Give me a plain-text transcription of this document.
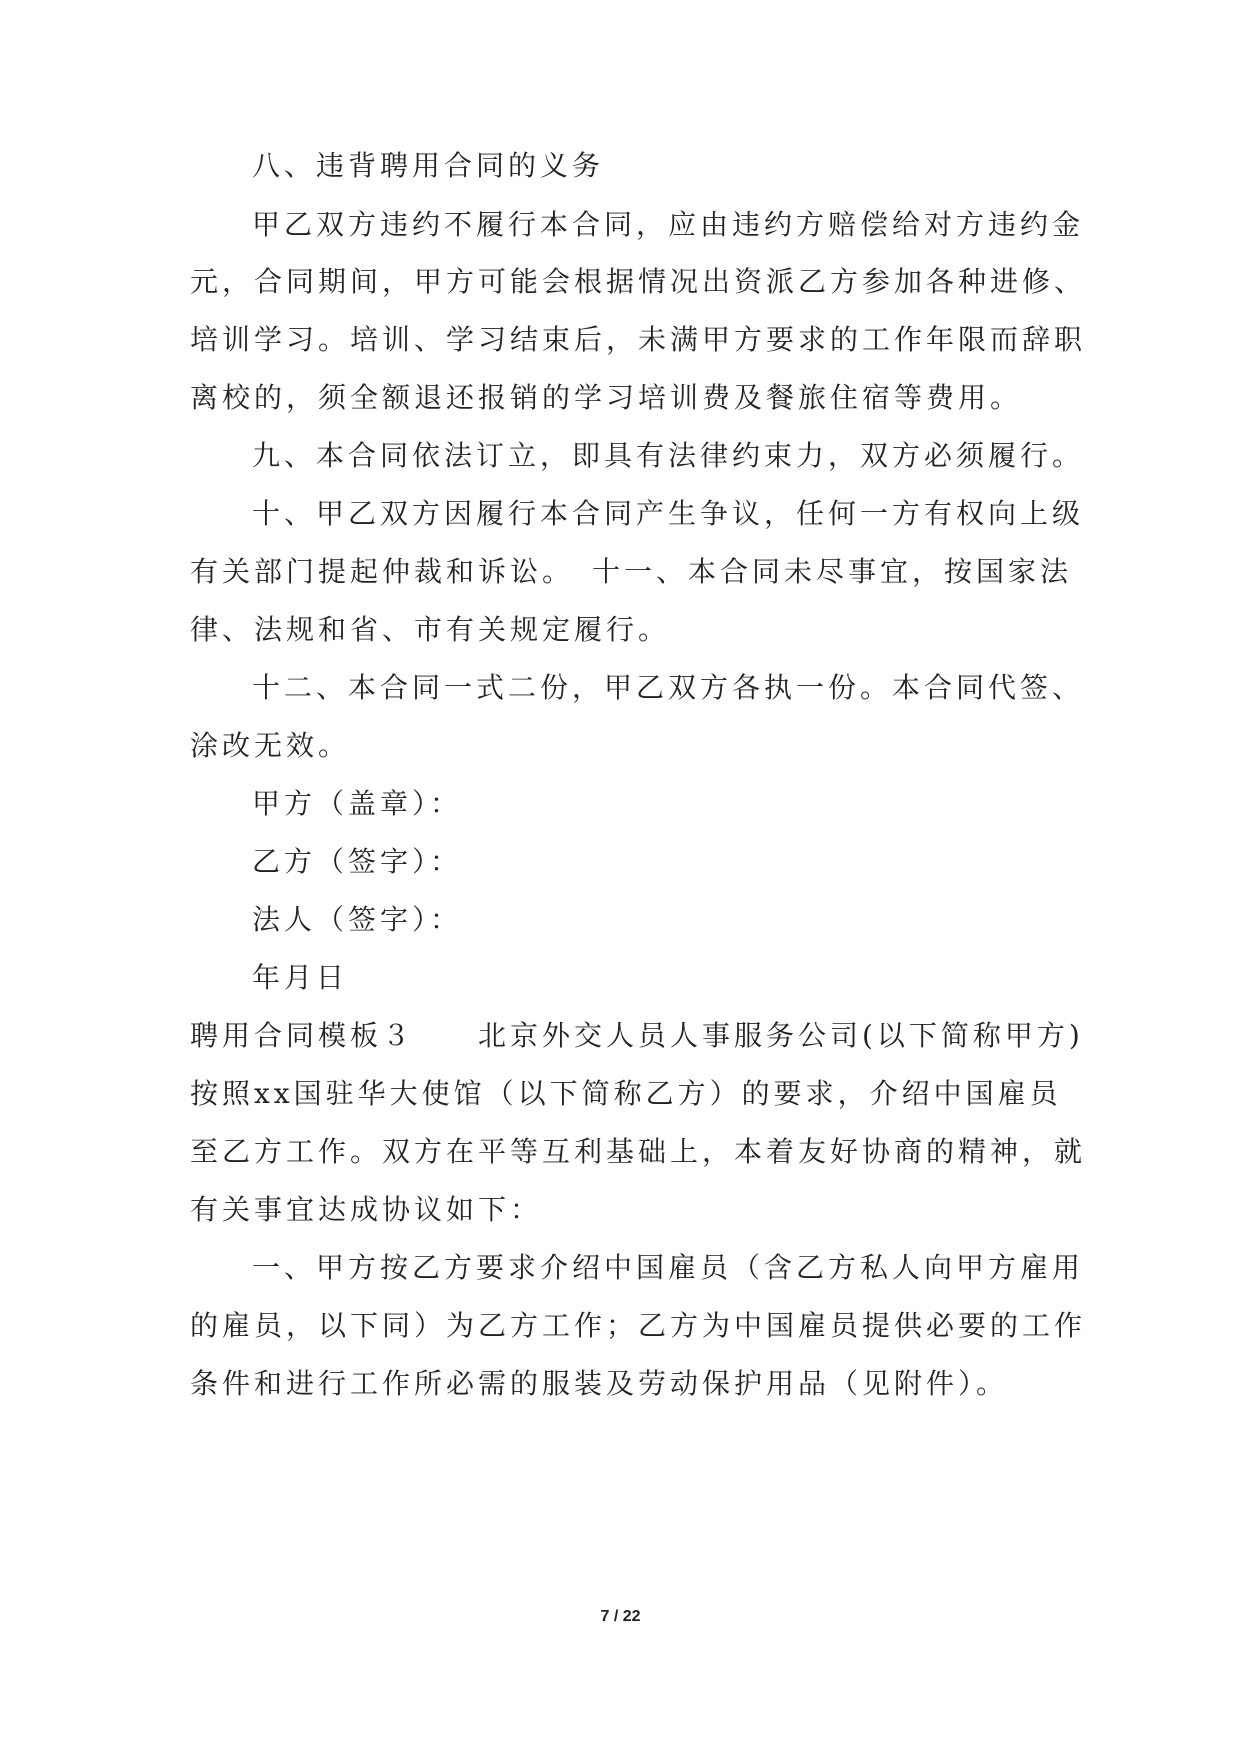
八、违背聘用合同的义务
甲乙双方违约不履行本合同，应由违约方赔偿给对方违约金
元，合同期间，甲方可能会根据情况出资派乙方参加各种进修、
培训学习。培训、学习结束后，未满甲方要求的工作年限而辞职
离校的，须全额退还报销的学习培训费及餐旅住宿等费用。
九、本合同依法订立，即具有法律约束力，双方必须履行。
十、甲乙双方因履行本合同产生争议，任何一方有权向上级
有关部门提起仲裁和诉讼。　十一、本合同未尽事宜，按国家法
律、法规和省、市有关规定履行。
十二、本合同一式二份，甲乙双方各执一份。本合同代签、
涂改无效。
甲方（盖章）：
乙方（签字）：
法人（签字）：
年月日
聘用合同模板３　　北京外交人员人事服务公司(以下简称甲方)
按照xx国驻华大使馆（以下简称乙方）的要求，介绍中国雇员
至乙方工作。双方在平等互利基础上，本着友好协商的精神，就
有关事宜达成协议如下：
一、甲方按乙方要求介绍中国雇员（含乙方私人向甲方雇用
的雇员，以下同）为乙方工作；乙方为中国雇员提供必要的工作
条件和进行工作所必需的服装及劳动保护用品（见附件）。
7 / 22
